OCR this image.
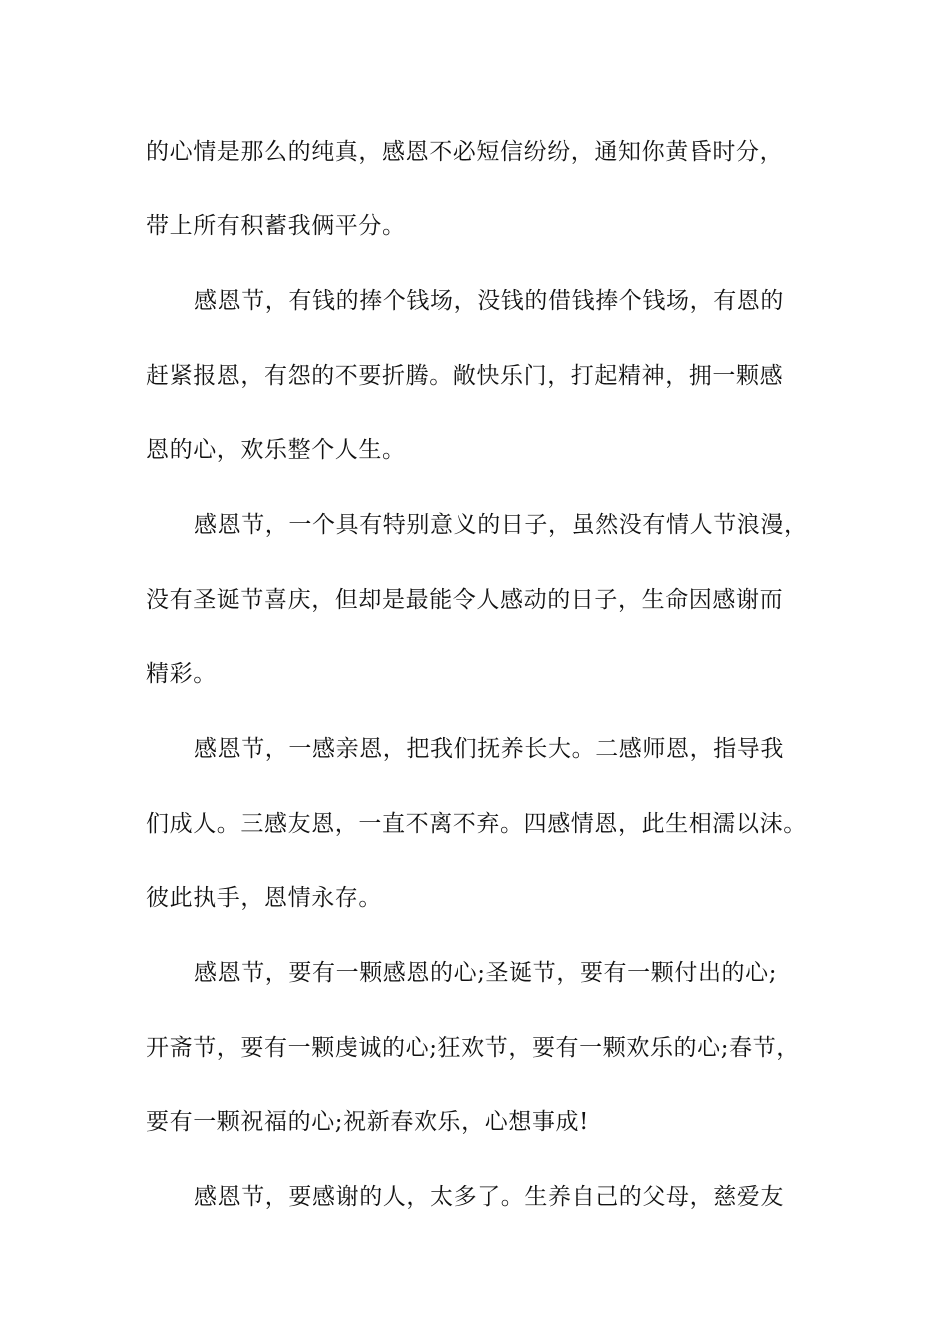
的心情是那么的纯真，感恩不必短信纷纷，通知你黄昏时分，
带上所有积蓄我俩平分。
感恩节，有钱的捧个钱场，没钱的借钱捧个钱场，有恩的
赶紧报恩，有怨的不要折腾。敞快乐门，打起精神，拥一颗感
恩的心，欢乐整个人生。
感恩节，一个具有特别意义的日子，虽然没有情人节浪漫，
没有圣诞节喜庆，但却是最能令人感动的日子，生命因感谢而
精彩。
感恩节，一感亲恩，把我们抚养长大。二感师恩，指导我
们成人。三感友恩，一直不离不弃。四感情恩，此生相濡以沫。
彼此执手，恩情永存。
感恩节，要有一颗感恩的心;圣诞节，要有一颗付出的心;
开斋节，要有一颗虔诚的心;狂欢节，要有一颗欢乐的心;春节，
要有一颗祝福的心;祝新春欢乐，心想事成!
感恩节，要感谢的人，太多了。生养自己的父母，慈爱友
